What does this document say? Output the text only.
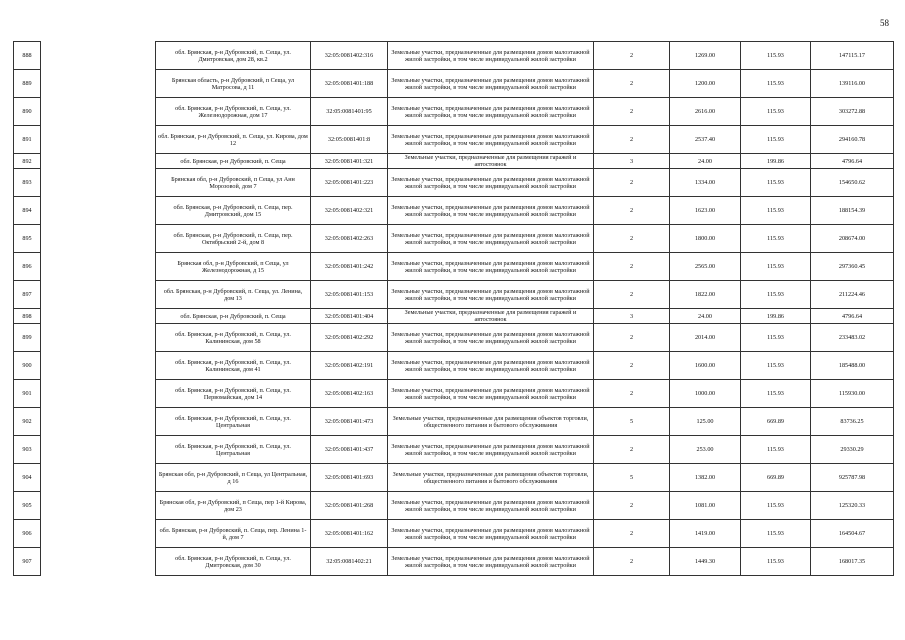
58
888		обл. Брянская, р-н Дубровский, п. Сеща, ул. Дмитровская, дом 28, кв.2	32:05:0081402:316	Земельные участки, предназначенные для размещения домов малоэтажной жилой застройки, в том числе индивидуальной жилой застройки	2	1269.00	115.93	147115.17
889		Брянская область, р-н Дубровский, п Сеща, ул Матросова, д 11	32:05:0081401:188	Земельные участки, предназначенные для размещения домов малоэтажной жилой застройки, в том числе индивидуальной жилой застройки	2	1200.00	115.93	139116.00
890		обл. Брянская, р-н Дубровский, п. Сеща, ул. Железнодорожная, дом 17	32:05:0081401:95	Земельные участки, предназначенные для размещения домов малоэтажной жилой застройки, в том числе индивидуальной жилой застройки	2	2616.00	115.93	303272.88
891		обл. Брянская, р-н Дубровский, п. Сеща, ул. Кирова, дом 12	32:05:0081401:8	Земельные участки, предназначенные для размещения домов малоэтажной жилой застройки, в том числе индивидуальной жилой застройки	2	2537.40	115.93	294160.78
892		обл. Брянская, р-н Дубровский, п. Сеща	32:05:0081401:321	Земельные участки, предназначенные для размещения гаражей и автостоянок	3	24.00	199.86	4796.64
893		Брянская обл, р-н Дубровский, п Сеща, ул Анн Морозовой, дом 7	32:05:0081401:223	Земельные участки, предназначенные для размещения домов малоэтажной жилой застройки, в том числе индивидуальной жилой застройки	2	1334.00	115.93	154650.62
894		обл. Брянская, р-н Дубровский, п. Сеща, пер. Дмитровский, дом 15	32:05:0081402:321	Земельные участки, предназначенные для размещения домов малоэтажной жилой застройки, в том числе индивидуальной жилой застройки	2	1623.00	115.93	188154.39
895		обл. Брянская, р-н Дубровский, п. Сеща, пер. Октябрьский 2-й, дом 8	32:05:0081402:263	Земельные участки, предназначенные для размещения домов малоэтажной жилой застройки, в том числе индивидуальной жилой застройки	2	1800.00	115.93	208674.00
896		Брянская обл, р-н Дубровский, п Сеща, ул Железнодорожная, д 15	32:05:0081401:242	Земельные участки, предназначенные для размещения домов малоэтажной жилой застройки, в том числе индивидуальной жилой застройки	2	2565.00	115.93	297360.45
897		обл. Брянская, р-н Дубровский, п. Сеща, ул. Ленина, дом 13	32:05:0081401:153	Земельные участки, предназначенные для размещения домов малоэтажной жилой застройки, в том числе индивидуальной жилой застройки	2	1822.00	115.93	211224.46
898		обл. Брянская, р-н Дубровский, п. Сеща	32:05:0081401:404	Земельные участки, предназначенные для размещения гаражей и автостоянок	3	24.00	199.86	4796.64
899		обл. Брянская, р-н Дубровский, п. Сеща, ул. Калининская, дом 58	32:05:0081402:292	Земельные участки, предназначенные для размещения домов малоэтажной жилой застройки, в том числе индивидуальной жилой застройки	2	2014.00	115.93	233483.02
900		обл. Брянская, р-н Дубровский, п. Сеща, ул. Калининская, дом 41	32:05:0081402:191	Земельные участки, предназначенные для размещения домов малоэтажной жилой застройки, в том числе индивидуальной жилой застройки	2	1600.00	115.93	185488.00
901		обл. Брянская, р-н Дубровский, п. Сеща, ул. Первомайская, дом 14	32:05:0081402:163	Земельные участки, предназначенные для размещения домов малоэтажной жилой застройки, в том числе индивидуальной жилой застройки	2	1000.00	115.93	115930.00
902		обл. Брянская, р-н Дубровский, п. Сеща, ул. Центральная	32:05:0081401:473	Земельные участки, предназначенные для размещения объектов торговли, общественного питания и бытового обслуживания	5	125.00	669.89	83736.25
903		обл. Брянская, р-н Дубровский, п. Сеща, ул. Центральная	32:05:0081401:437	Земельные участки, предназначенные для размещения домов малоэтажной жилой застройки, в том числе индивидуальной жилой застройки	2	253.00	115.93	29330.29
904		Брянская обл, р-н Дубровский, п Сеща, ул Центральная, д 16	32:05:0081401:693	Земельные участки, предназначенные для размещения объектов торговли, общественного питания и бытового обслуживания	5	1382.00	669.89	925787.98
905		Брянская обл, р-н Дубровский, п Сеща, пер 1-й Кирова, дом 23	32:05:0081401:268	Земельные участки, предназначенные для размещения домов малоэтажной жилой застройки, в том числе индивидуальной жилой застройки	2	1081.00	115.93	125320.33
906		обл. Брянская, р-н Дубровский, п. Сеща, пер. Ленина 1-й, дом 7	32:05:0081401:162	Земельные участки, предназначенные для размещения домов малоэтажной жилой застройки, в том числе индивидуальной жилой застройки	2	1419.00	115.93	164504.67
907		обл. Брянская, р-н Дубровский, п. Сеща, ул. Дмитровская, дом 30	32:05:0081402:21	Земельные участки, предназначенные для размещения домов малоэтажной жилой застройки, в том числе индивидуальной жилой застройки	2	1449.30	115.93	168017.35
